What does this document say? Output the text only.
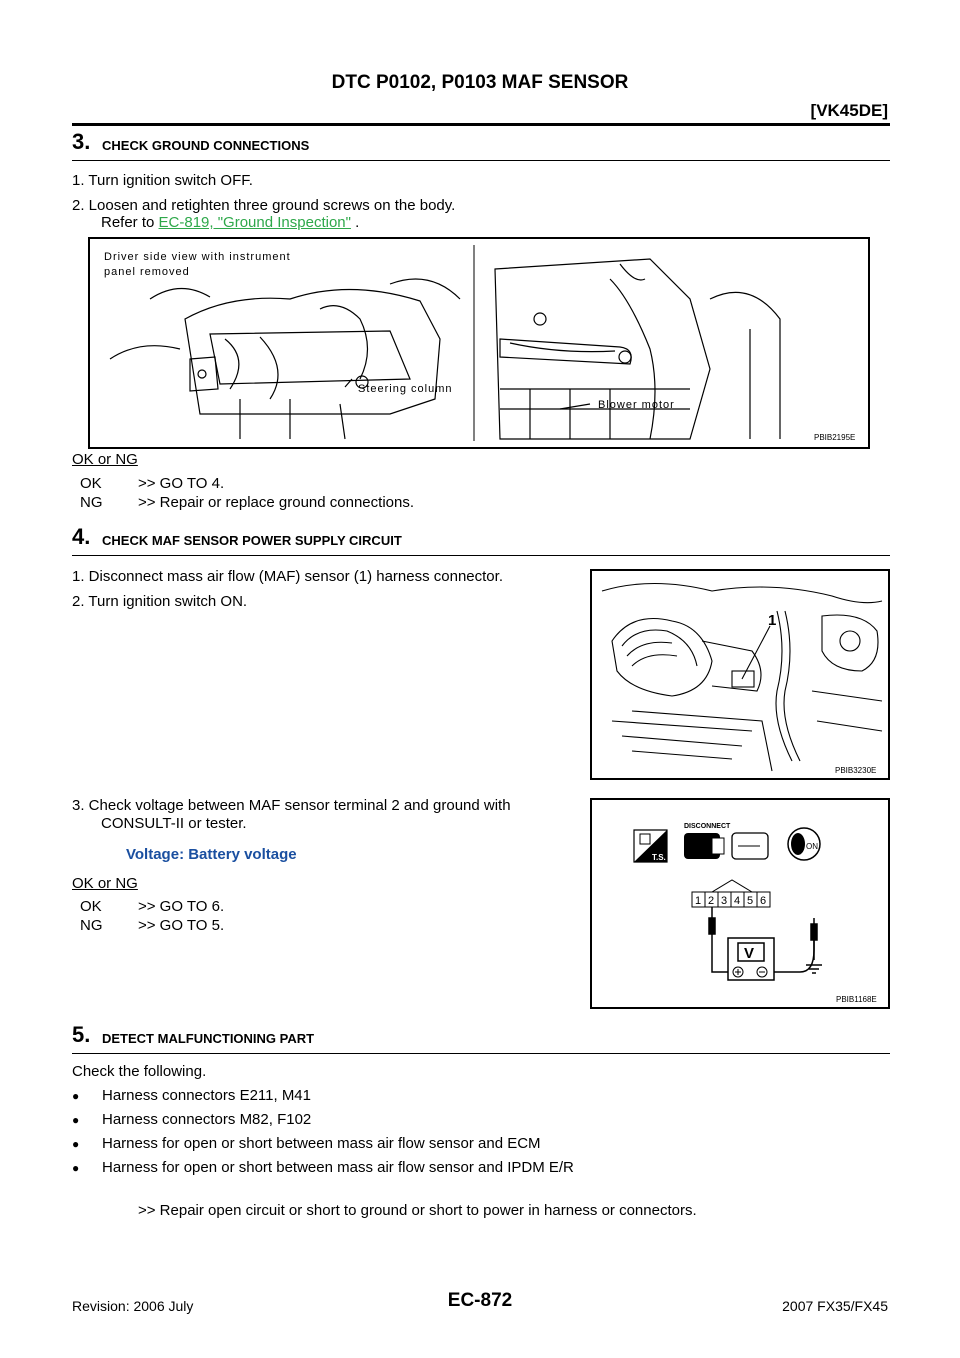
DTC P0102, P0103 MAF SENSOR
[VK45DE]
3. CHECK GROUND CONNECTIONS
1. Turn ignition switch OFF.
2. Loosen and retighten three ground screws on the body.
Refer to EC-819, "Ground Inspection" .
Driver side view with instrument
panel removed
Steering column
Blower motor
PBIB2195E
OK or NG
OK >> GO TO 4.
NG >> Repair or replace ground connections.
4. CHECK MAF SENSOR POWER SUPPLY CIRCUIT
1. Disconnect mass air flow (MAF) sensor (1) harness connector.
2. Turn ignition switch ON.
1
PBIB3230E
3. Check voltage between MAF sensor terminal 2 and ground with
CONSULT-II or tester.
Voltage: Battery voltage	T.S.
DISCONNECT
ON
1 2 3 4 5 6
V
PBIB1168E
OK or NG
OK >> GO TO 6.
NG >> GO TO 5.
5. DETECT MALFUNCTIONING PART
Check the following.
● Harness connectors E211, M41
● Harness connectors M82, F102
● Harness for open or short between mass air flow sensor and ECM
● Harness for open or short between mass air flow sensor and IPDM E/R
>> Repair open circuit or short to ground or short to power in harness or connectors.
Revision: 2006 July	EC-872	2007 FX35/FX45
